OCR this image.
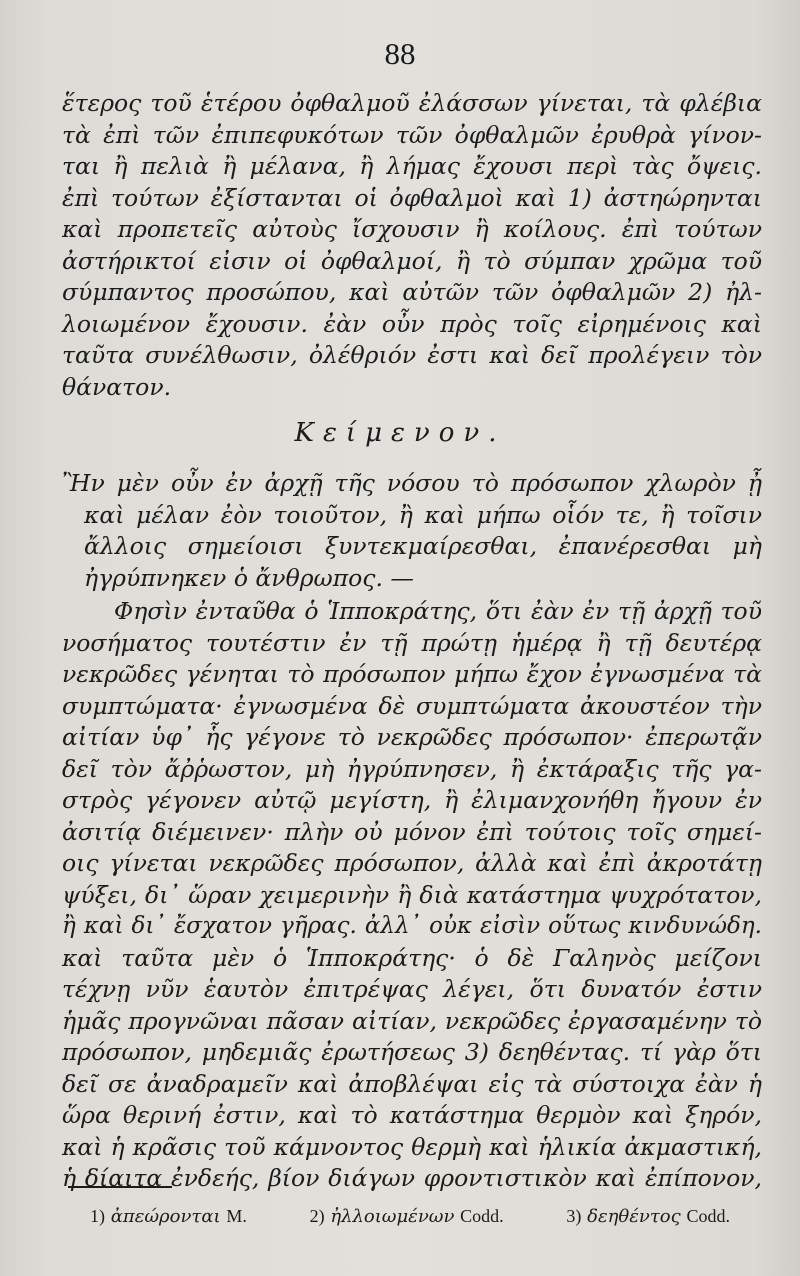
88
ἕτερος τοῦ ἑτέρου ὀφθαλμοῦ ἐλάσσων γίνεται, τὰ φλέβια
τὰ ἐπὶ τῶν ἐπιπεφυκότων τῶν ὀφθαλμῶν ἐρυθρὰ γίνον-
ται ἢ πελιὰ ἢ μέλανα, ἢ λήμας ἔχουσι περὶ τὰς ὄψεις.
ἐπὶ τούτων ἐξίστανται οἱ ὀφθαλμοὶ καὶ 1) ἀστηώρηνται
καὶ προπετεῖς αὐτοὺς ἴσχουσιν ἢ κοίλους. ἐπὶ τούτων
ἀστήρικτοί εἰσιν οἱ ὀφθαλμοί, ἢ τὸ σύμπαν χρῶμα τοῦ
σύμπαντος προσώπου, καὶ αὐτῶν τῶν ὀφθαλμῶν 2) ἠλ-
λοιωμένον ἔχουσιν. ἐὰν οὖν πρὸς τοῖς εἰρημένοις καὶ
ταῦτα συνέλθωσιν, ὀλέθριόν ἐστι καὶ δεῖ προλέγειν τὸν
θάνατον.
Κείμενον.
Ἢν μὲν οὖν ἐν ἀρχῇ τῆς νόσου τὸ πρόσωπον χλωρὸν ᾖ
καὶ μέλαν ἐὸν τοιοῦτον, ἢ καὶ μήπω οἷόν τε, ἢ τοῖσιν
ἄλλοις σημείοισι ξυντεκμαίρεσθαι, ἐπανέρεσθαι μὴ
ἠγρύπνηκεν ὁ ἄνθρωπος. —
Φησὶν ἐνταῦθα ὁ Ἱπποκράτης, ὅτι ἐὰν ἐν τῇ ἀρχῇ τοῦ
νοσήματος τουτέστιν ἐν τῇ πρώτῃ ἡμέρᾳ ἢ τῇ δευτέρᾳ
νεκρῶδες γένηται τὸ πρόσωπον μήπω ἔχον ἐγνωσμένα τὰ
συμπτώματα· ἐγνωσμένα δὲ συμπτώματα ἀκουστέον τὴν
αἰτίαν ὑφ᾽ ἧς γέγονε τὸ νεκρῶδες πρόσωπον· ἐπερωτᾷν
δεῖ τὸν ἄῤῥωστον, μὴ ἠγρύπνησεν, ἢ ἐκτάραξις τῆς γα-
στρὸς γέγονεν αὐτῷ μεγίστη, ἢ ἐλιμανχονήθη ἤγουν ἐν
ἀσιτίᾳ διέμεινεν· πλὴν οὐ μόνον ἐπὶ τούτοις τοῖς σημεί-
οις γίνεται νεκρῶδες πρόσωπον, ἀλλὰ καὶ ἐπὶ ἀκροτάτῃ
ψύξει, δι᾽ ὥραν χειμερινὴν ἢ διὰ κατάστημα ψυχρότατον,
ἢ καὶ δι᾽ ἔσχατον γῆρας. ἀλλ᾽ οὐκ εἰσὶν οὕτως κινδυνώδη.
καὶ ταῦτα μὲν ὁ Ἱπποκράτης· ὁ δὲ Γαληνὸς μείζονι
τέχνῃ νῦν ἑαυτὸν ἐπιτρέψας λέγει, ὅτι δυνατόν ἐστιν
ἡμᾶς προγνῶναι πᾶσαν αἰτίαν, νεκρῶδες ἐργασαμένην τὸ
πρόσωπον, μηδεμιᾶς ἐρωτήσεως 3) δεηθέντας. τί γὰρ ὅτι
δεῖ σε ἀναδραμεῖν καὶ ἀποβλέψαι εἰς τὰ σύστοιχα ἐὰν ἡ
ὥρα θερινή ἐστιν, καὶ τὸ κατάστημα θερμὸν καὶ ξηρόν,
καὶ ἡ κρᾶσις τοῦ κάμνοντος θερμὴ καὶ ἡλικία ἀκμαστική,
ἡ δίαιτα ἐνδεής, βίον διάγων φροντιστικὸν καὶ ἐπίπονον,
1) ἀπεώρονται M.	2) ἠλλοιωμένων Codd.	3) δεηθέντος Codd.
